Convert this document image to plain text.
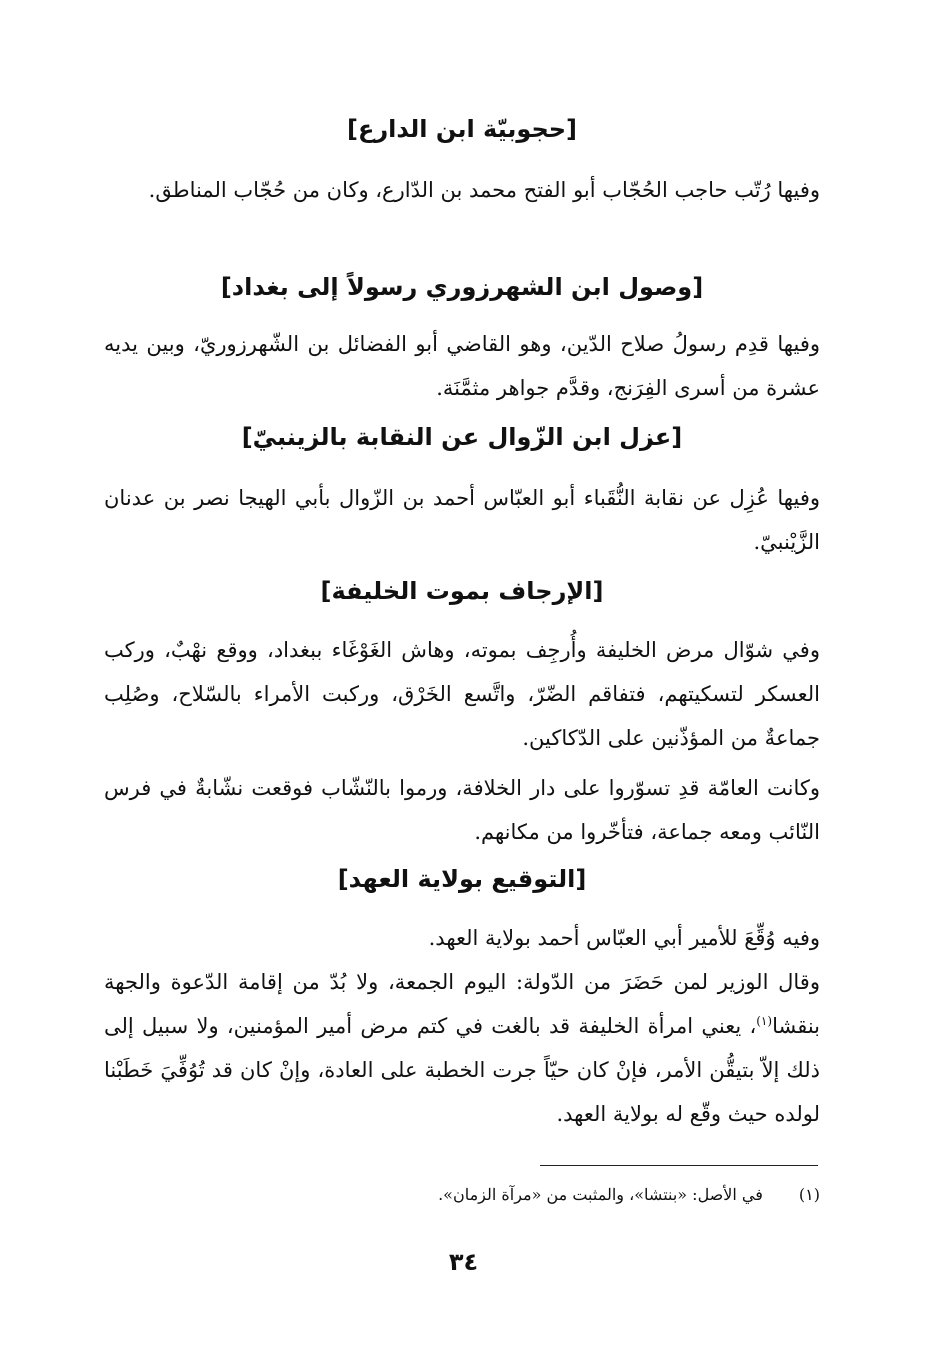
[حجوبيّة ابن الدارع]

وفيها رُتّب حاجب الحُجّاب أبو الفتح محمد بن الدّارع، وكان من حُجّاب المناطق.

[وصول ابن الشهرزوري رسولاً إلى بغداد]

وفيها قدِم رسولُ صلاح الدّين، وهو القاضي أبو الفضائل بن الشّهرزوريّ، وبين يديه عشرة من أسرى الفِرَنج، وقدَّم جواهر مثمَّنَة.

[عزل ابن الزّوال عن النقابة بالزينبيّ]

وفيها عُزِل عن نقابة النُّقَباء أبو العبّاس أحمد بن الزّوال بأبي الهيجا نصر بن عدنان الزَّيْنبيّ.

[الإرجاف بموت الخليفة]

وفي شوّال مرض الخليفة وأُرجِف بموته، وهاش الغَوْغَاء ببغداد، ووقع نهْبٌ، وركب العسكر لتسكيتهم، فتفاقم الضّرّ، واتَّسع الخَرْق، وركبت الأمراء بالسّلاح، وصُلِب جماعةٌ من المؤذّنين على الدّكاكين.

وكانت العامّة قدِ تسوّروا على دار الخلافة، ورموا بالنّشّاب فوقعت نشّابةٌ في فرس النّائب ومعه جماعة، فتأخّروا من مكانهم.

[التوقيع بولاية العهد]

وفيه وُقِّعَ للأمير أبي العبّاس أحمد بولاية العهد.

وقال الوزير لمن حَضَرَ من الدّولة: اليوم الجمعة، ولا بُدّ من إقامة الدّعوة والجهة بنقشا$^{(١)}$، يعني امرأة الخليفة قد بالغت في كتم مرض أمير المؤمنين، ولا سبيل إلى ذلك إلاّ بتيقُّن الأمر، فإنْ كان حيّاً جرت الخطبة على العادة، وإنْ كان قد تُوُفِّيَ خَطَبْنا لولده حيث وقّع له بولاية العهد.

(١)في الأصل: «بنتشا»، والمثبت من «مرآة الزمان».
٣٤
